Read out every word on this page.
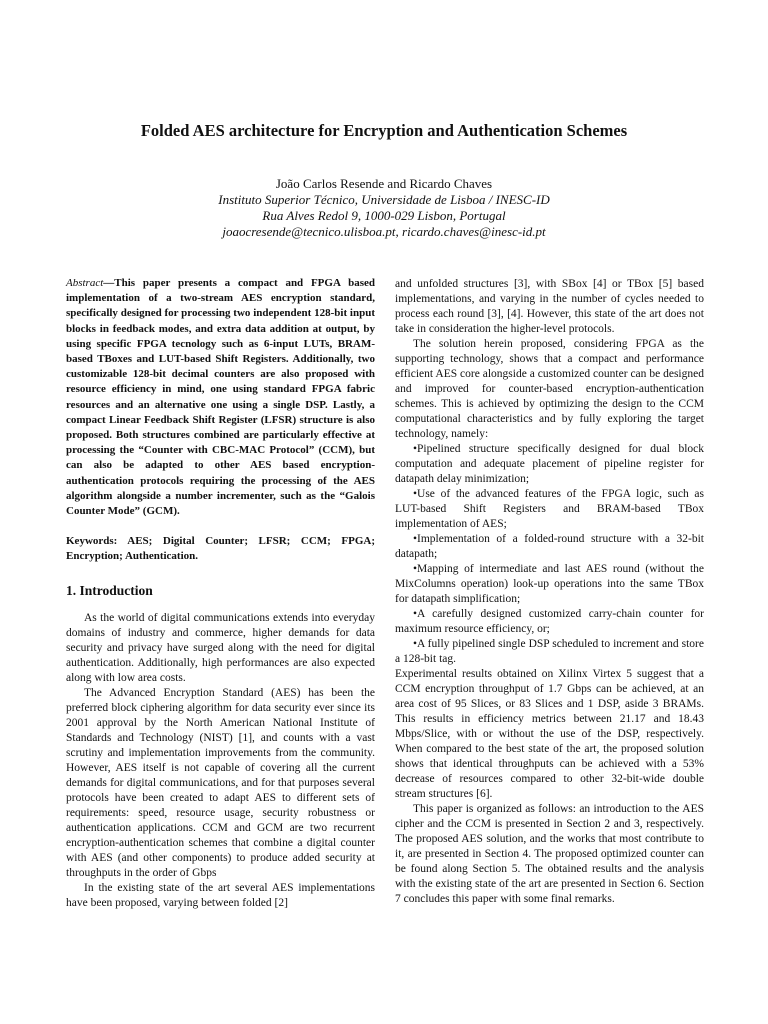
Folded AES architecture for Encryption and Authentication Schemes
João Carlos Resende and Ricardo Chaves
Instituto Superior Técnico, Universidade de Lisboa / INESC-ID
Rua Alves Redol 9, 1000-029 Lisbon, Portugal
joaocresende@tecnico.ulisboa.pt, ricardo.chaves@inesc-id.pt

Abstract—This paper presents a compact and FPGA based implementation of a two-stream AES encryption standard, specifically designed for processing two independent 128-bit input blocks in feedback modes, and extra data addition at output, by using specific FPGA tecnology such as 6-input LUTs, BRAM-based TBoxes and LUT-based Shift Registers. Additionally, two customizable 128-bit decimal counters are also proposed with resource efficiency in mind, one using standard FPGA fabric resources and an alternative one using a single DSP. Lastly, a compact Linear Feedback Shift Register (LFSR) structure is also proposed. Both structures combined are particularly effective at processing the “Counter with CBC-MAC Protocol” (CCM), but can also be adapted to other AES based encryption-authentication protocols requiring the processing of the AES algorithm alongside a number incrementer, such as the “Galois Counter Mode” (GCM).

Keywords: AES; Digital Counter; LFSR; CCM; FPGA; Encryption; Authentication.

1. Introduction

As the world of digital communications extends into everyday domains of industry and commerce, higher demands for data security and privacy have surged along with the need for digital authentication. Additionally, high performances are also expected along with low area costs.

The Advanced Encryption Standard (AES) has been the preferred block ciphering algorithm for data security ever since its 2001 approval by the North American National Institute of Standards and Technology (NIST) [1], and counts with a vast scrutiny and implementation improvements from the community. However, AES itself is not capable of covering all the current demands for digital communications, and for that purposes several protocols have been created to adapt AES to different sets of requirements: speed, resource usage, security robustness or authentication applications. CCM and GCM are two recurrent encryption-authentication schemes that combine a digital counter with AES (and other components) to produce added security at throughputs in the order of Gbps

In the existing state of the art several AES implementations have been proposed, varying between folded [2]

and unfolded structures [3], with SBox [4] or TBox [5] based implementations, and varying in the number of cycles needed to process each round [3], [4]. However, this state of the art does not take in consideration the higher-level protocols.

The solution herein proposed, considering FPGA as the supporting technology, shows that a compact and performance efficient AES core alongside a customized counter can be designed and improved for counter-based encryption-authentication schemes. This is achieved by optimizing the design to the CCM computational characteristics and by fully exploring the target technology, namely:

•Pipelined structure specifically designed for dual block computation and adequate placement of pipeline register for datapath delay minimization;

•Use of the advanced features of the FPGA logic, such as LUT-based Shift Registers and BRAM-based TBox implementation of AES;

•Implementation of a folded-round structure with a 32-bit datapath;

•Mapping of intermediate and last AES round (without the MixColumns operation) look-up operations into the same TBox for datapath simplification;

•A carefully designed customized carry-chain counter for maximum resource efficiency, or;

•A fully pipelined single DSP scheduled to increment and store a 128-bit tag.

Experimental results obtained on Xilinx Virtex 5 suggest that a CCM encryption throughput of 1.7 Gbps can be achieved, at an area cost of 95 Slices, or 83 Slices and 1 DSP, aside 3 BRAMs. This results in efficiency metrics between 21.17 and 18.43 Mbps/Slice, with or without the use of the DSP, respectively. When compared to the best state of the art, the proposed solution shows that identical throughputs can be achieved with a 53% decrease of resources compared to other 32-bit-wide double stream structures [6].

This paper is organized as follows: an introduction to the AES cipher and the CCM is presented in Section 2 and 3, respectively. The proposed AES solution, and the works that most contribute to it, are presented in Section 4. The proposed optimized counter can be found along Section 5. The obtained results and the analysis with the existing state of the art are presented in Section 6. Section 7 concludes this paper with some final remarks.
